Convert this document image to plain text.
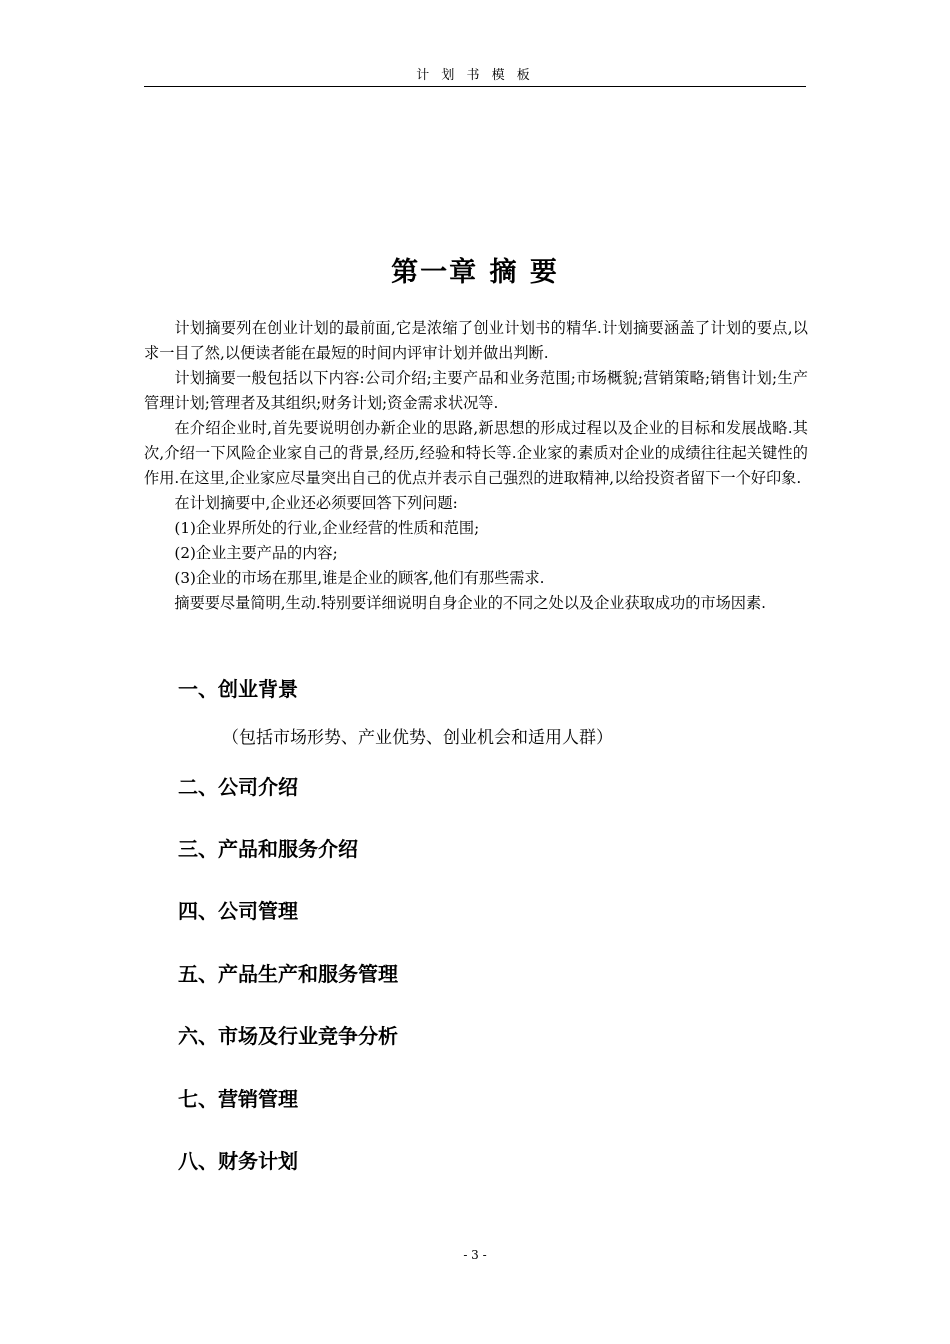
计 划 书 模 板
第一章 摘 要

计划摘要列在创业计划的最前面,它是浓缩了创业计划书的精华.计划摘要涵盖了计划的要点,以求一目了然,以便读者能在最短的时间内评审计划并做出判断.

计划摘要一般包括以下内容:公司介绍;主要产品和业务范围;市场概貌;营销策略;销售计划;生产管理计划;管理者及其组织;财务计划;资金需求状况等.

在介绍企业时,首先要说明创办新企业的思路,新思想的形成过程以及企业的目标和发展战略.其次,介绍一下风险企业家自己的背景,经历,经验和特长等.企业家的素质对企业的成绩往往起关键性的作用.在这里,企业家应尽量突出自己的优点并表示自己强烈的进取精神,以给投资者留下一个好印象.

在计划摘要中,企业还必须要回答下列问题:

(1)企业界所处的行业,企业经营的性质和范围;

(2)企业主要产品的内容;

(3)企业的市场在那里,谁是企业的顾客,他们有那些需求.

摘要要尽量简明,生动.特别要详细说明自身企业的不同之处以及企业获取成功的市场因素.

一、创业背景

（包括市场形势、产业优势、创业机会和适用人群）

二、公司介绍
三、产品和服务介绍
四、公司管理
五、产品生产和服务管理
六、市场及行业竞争分析
七、营销管理
八、财务计划
- 3 -
